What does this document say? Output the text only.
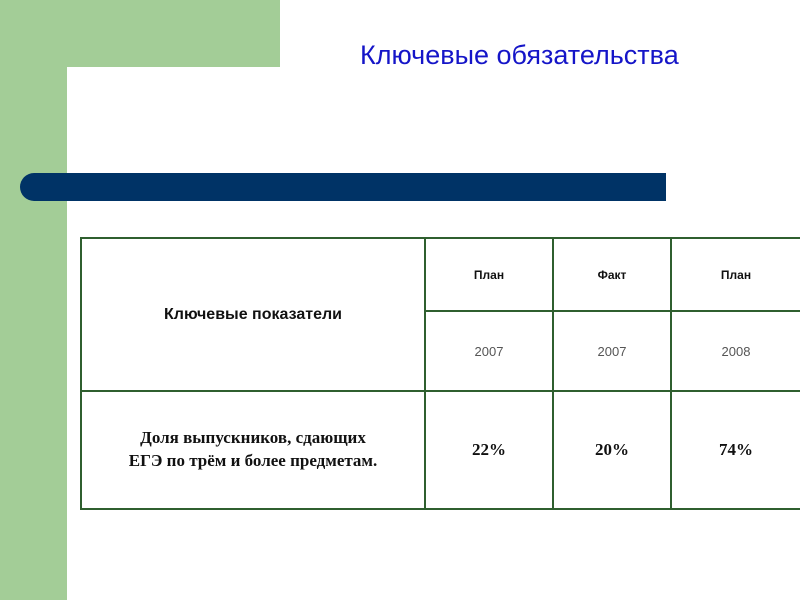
Ключевые обязательства
Ключевые показатели	План	Факт	План
	2007	2007	2008
Доля выпускников, сдающих
ЕГЭ по трём и более предметам.	22%	20%	74%
